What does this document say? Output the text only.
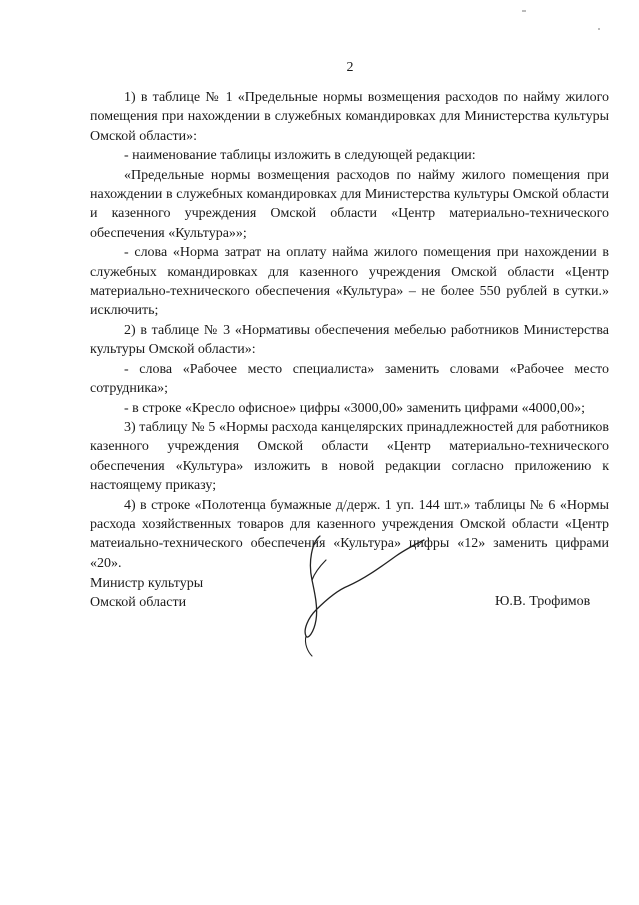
2

1) в таблице № 1 «Предельные нормы возмещения расходов по найму жилого помещения при нахождении в служебных командировках для Министерства культуры Омской области»:

- наименование таблицы изложить в следующей редакции:

«Предельные нормы возмещения расходов по найму жилого помещения при нахождении в служебных командировках для Министерства культуры Омской области и казенного учреждения Омской области «Центр материально-технического обеспечения «Культура»»;

- слова «Норма затрат на оплату найма жилого помещения при нахождении в служебных командировках для казенного учреждения Омской области «Центр материально-технического обеспечения «Культура» – не более 550 рублей в сутки.» исключить;

2) в таблице № 3 «Нормативы обеспечения мебелью работников Министерства культуры Омской области»:

- слова «Рабочее место специалиста» заменить словами «Рабочее место сотрудника»;

- в строке «Кресло офисное» цифры «3000,00» заменить цифрами «4000,00»;

3) таблицу № 5 «Нормы расхода канцелярских принадлежностей для работников казенного учреждения Омской области «Центр материально-технического обеспечения «Культура» изложить в новой редакции согласно приложению к настоящему приказу;

4) в строке «Полотенца бумажные д/держ. 1 уп. 144 шт.» таблицы № 6 «Нормы расхода хозяйственных товаров для казенного учреждения Омской области «Центр матеиально-технического обеспечения «Культура» цифры «12» заменить цифрами «20».

Министр культуры
Омской области	Ю.В. Трофимов
